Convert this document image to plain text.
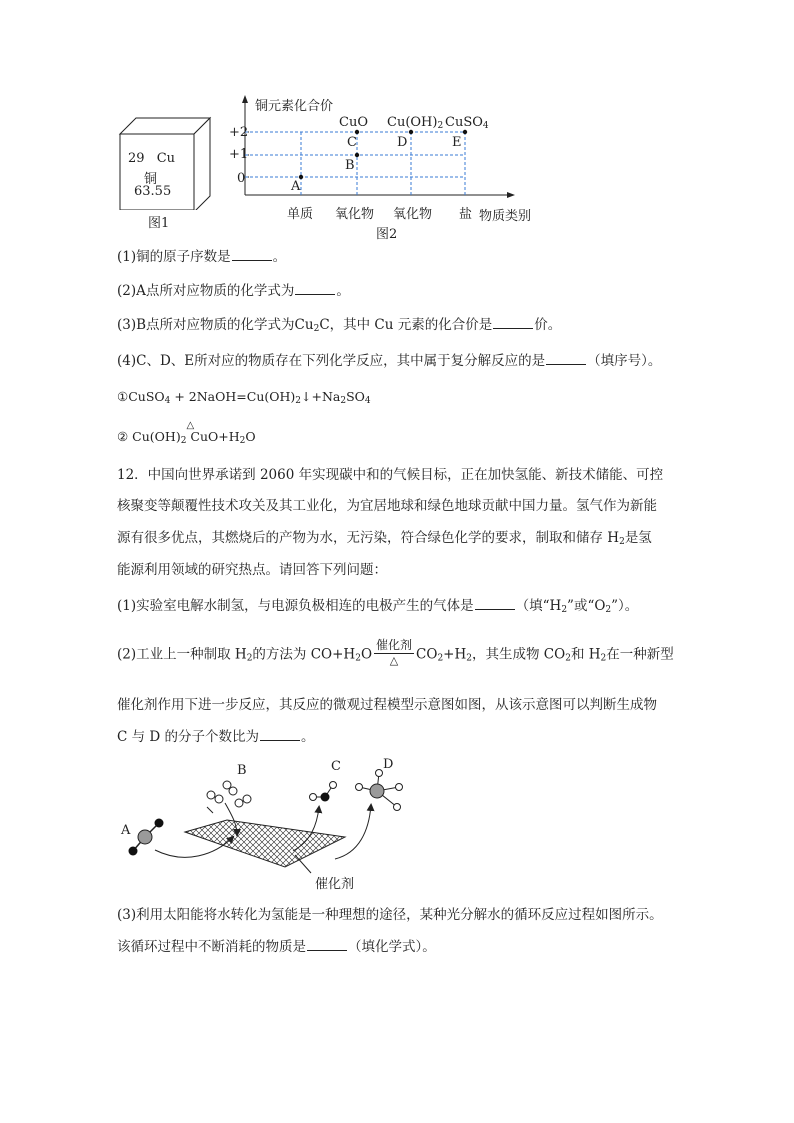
29 Cu
铜
63.55
图1
铜元素化合价
+2
+1
0
CuO $Cu(OH)_2$ CuSO$_4$
C	D	E
B
A
单质 氧化物 氧化物 盐 物质类别
图2
(1)铜的原子序数是	。
(2)A点所对应物质的化学式为	。
(3)B点所对应物质的化学式为$Cu_2C$，其中 Cu 元素的化合价是	价。
(4)C、D、E所对应的物质存在下列化学反应，其中属于复分解反应的是	（填序号）。
①CuSO$_4$ + $2NaOH=Cu(OH)_2↓+Na_2SO_4$
② $Cu(OH)_2$
△
$CuO+H_2O$
12．中国向世界承诺到 2060 年实现碳中和的气候目标，正在加快氢能、新技术储能、可控
核聚变等颠覆性技术攻关及其工业化，为宜居地球和绿色地球贡献中国力量。氢气作为新能
源有很多优点，其燃烧后的产物为水，无污染，符合绿色化学的要求，制取和储存 $H_2$是氢
能源利用领域的研究热点。请回答下列问题：
(1)实验室电解水制氢，与电源负极相连的电极产生的气体是	（填“$H_2$”或“$O_2$”）。
(2)工业上一种制取 $H_2$的方法为 $CO+H_2O \frac{\text{催化剂}}{\triangle} CO_2+H_2$，其生成物 $CO_2$和 $H_2$在一种新型
催化剂作用下进一步反应，其反应的微观过程模型示意图如图，从该示意图可以判断生成物
C 与 D 的分子个数比为	。
A
B	C	D
催化剂
(3)利用太阳能将水转化为氢能是一种理想的途径，某种光分解水的循环反应过程如图所示。
该循环过程中不断消耗的物质是	（填化学式）。
